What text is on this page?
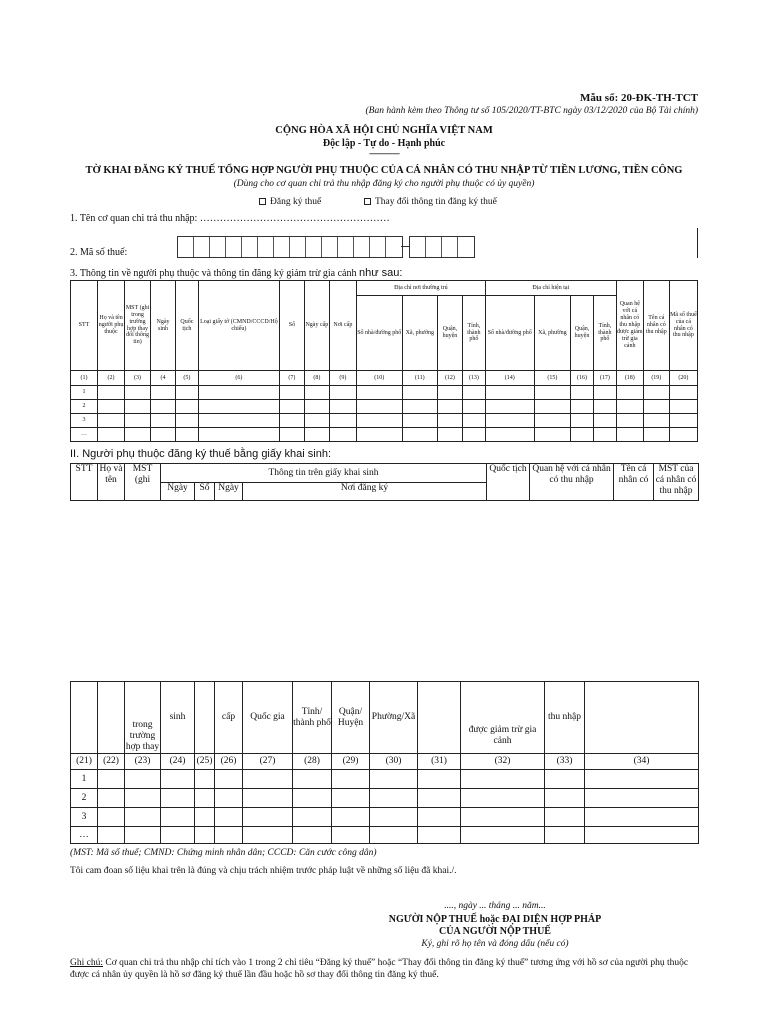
Mẫu số: 20-ĐK-TH-TCT
(Ban hành kèm theo Thông tư số 105/2020/TT-BTC ngày 03/12/2020 của Bộ Tài chính)
CỘNG HÒA XÃ HỘI CHỦ NGHĨA VIỆT NAM
Độc lập - Tự do - Hạnh phúc
---------------
TỜ KHAI ĐĂNG KÝ THUẾ TỔNG HỢP NGƯỜI PHỤ THUỘC CỦA CÁ NHÂN CÓ THU NHẬP TỪ TIỀN LƯƠNG, TIỀN CÔNG
(Dùng cho cơ quan chi trả thu nhập đăng ký cho người phụ thuộc có ủy quyền)
Đăng ký thuế	Thay đổi thông tin đăng ký thuế
1. Tên cơ quan chi trả thu nhập: …………………………………………………
2. Mã số thuế:
3. Thông tin về người phụ thuộc và thông tin đăng ký giảm trừ gia cảnh như sau:
STT	Họ và tên người phụ thuộc	MST (ghi trong trường hợp thay đổi thông tin)	Ngày sinh	Quốc tịch	Loại giấy tờ (CMND/CCCD/Hộ chiếu)	Số	Ngày cấp	Nơi cấp	Địa chỉ nơi thường trú				Địa chỉ hiện tại				Quan hệ với cá nhân có thu nhập được giảm trừ gia cảnh	Tên cá nhân có thu nhập	Mã số thuế của cá nhân có thu nhập
									Số nhà/đường phố	Xã, phường	Quận, huyện	Tỉnh, thành phố	Số nhà/đường phố	Xã, phường	Quận, huyện	Tỉnh, thành phố			
(1)	(2)	(3)	(4	(5)	(6)	(7)	(8)	(9)	(10)	(11)	(12)	(13)	(14)	(15)	(16)	(17)	(18)	(19)	(20)
1																			
2																			
3																			
…																			
II. Người phụ thuộc đăng ký thuế bằng giấy khai sinh:
STT	Họ và tên	MST (ghi	Thông tin trên giấy khai sinh				Quốc tịch	Quan hệ với cá nhân có thu nhập	Tên cá nhân có	MST của cá nhân có thu nhập
			Ngày	Số	Ngày	Nơi đăng ký				
		trong trường hợp thay	sinh		cấp	Quốc gia	Tỉnh/ thành phố	Quận/ Huyện	Phường/Xã		được giảm trừ gia cảnh	thu nhập	
(21)	(22)	(23)	(24)	(25)	(26)	(27)	(28)	(29)	(30)	(31)	(32)	(33)	(34)
1													
2													
3													
…													
(MST: Mã số thuế; CMND: Chứng minh nhân dân; CCCD: Căn cước công dân)
Tôi cam đoan số liệu khai trên là đúng và chịu trách nhiệm trước pháp luật về những số liệu đã khai./.
...., ngày ... tháng ... năm...
NGƯỜI NỘP THUẾ hoặc ĐẠI DIỆN HỢP PHÁP
CỦA NGƯỜI NỘP THUẾ
Ký, ghi rõ họ tên và đóng dấu (nếu có)
Ghi chú: Cơ quan chi trả thu nhập chỉ tích vào 1 trong 2 chỉ tiêu “Đăng ký thuế” hoặc “Thay đổi thông tin đăng ký thuế” tương ứng với hồ sơ của người phụ thuộc được cá nhân ủy quyền là hồ sơ đăng ký thuế lần đầu hoặc hồ sơ thay đổi thông tin đăng ký thuế.
